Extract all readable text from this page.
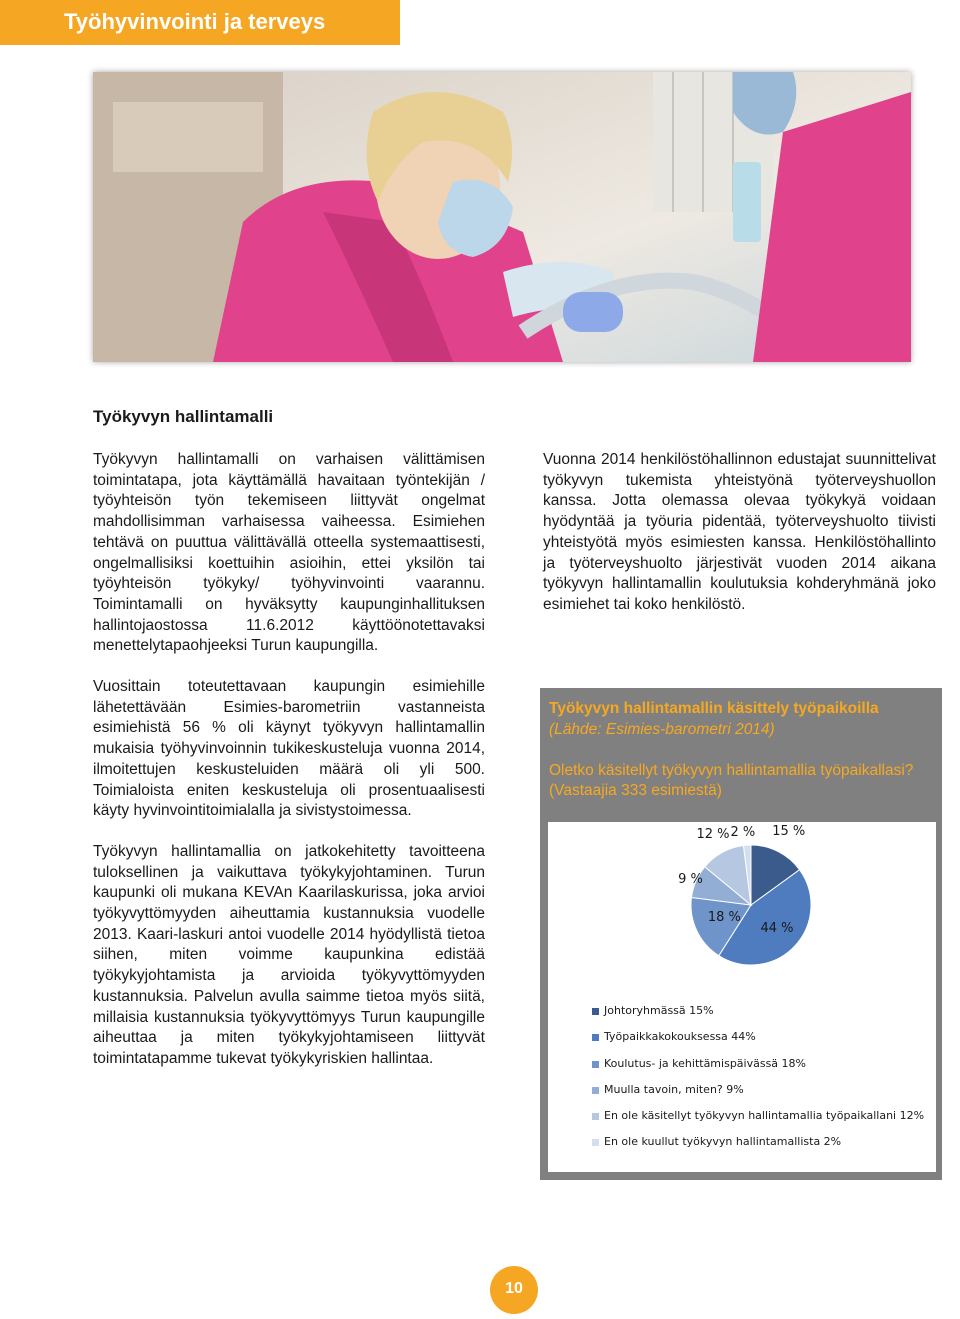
Työhyvinvointi ja terveys
Työkyvyn hallintamalli

Työkyvyn hallintamalli on varhaisen välittämisen toimintatapa, jota käyttämällä havaitaan työntekijän / työyhteisön työn tekemiseen liittyvät ongelmat mahdollisimman varhaisessa vaiheessa. Esimiehen tehtävä on puuttua välittävällä otteella systemaattisesti, ongelmallisiksi koettuihin asioihin, ettei yksilön tai työyhteisön työkyky/ työhyvinvointi vaarannu. Toimintamalli on hyväksytty kaupunginhallituksen hallintojaostossa 11.6.2012 käyttöönotettavaksi menettelytapaohjeeksi Turun kaupungilla.

Vuosittain toteutettavaan kaupungin esimiehille lähetettävään Esimies-barometriin vastanneista esimiehistä 56 % oli käynyt työkyvyn hallintamallin mukaisia työhyvinvoinnin tukikeskusteluja vuonna 2014, ilmoitettujen keskusteluiden määrä oli yli 500. Toimialoista eniten keskusteluja oli prosentuaalisesti käyty hyvinvointitoimialalla ja sivistystoimessa.

Työkyvyn hallintamallia on jatkokehitetty tavoitteena tuloksellinen ja vaikuttava työkykyjohtaminen. Turun kaupunki oli mukana KEVAn Kaarilaskurissa, joka arvioi työkyvyttömyyden aiheuttamia kustannuksia vuodelle 2013. Kaari-laskuri antoi vuodelle 2014 hyödyllistä tietoa siihen, miten voimme kaupunkina edistää työkykyjohtamista ja arvioida työkyvyttömyyden kustannuksia. Palvelun avulla saimme tietoa myös siitä, millaisia kustannuksia työkyvyttömyys Turun kaupungille aiheuttaa ja miten työkykyjohtamiseen liittyvät toimintatapamme tukevat työkykyriskien hallintaa.

Vuonna 2014 henkilöstöhallinnon edustajat suunnittelivat työkyvyn tukemista yhteistyönä työterveyshuollon kanssa. Jotta olemassa olevaa työkykyä voidaan hyödyntää ja työuria pidentää, työterveyshuolto tiivisti yhteistyötä myös esimiesten kanssa. Henkilöstöhallinto ja työterveyshuolto järjestivät vuoden 2014 aikana työkyvyn hallintamallin koulutuksia kohderyhmänä joko esimiehet tai koko henkilöstö.

Työkyvyn hallintamallin käsittely työpaikoilla
(Lähde: Esimies-barometri 2014)
Oletko käsitellyt työkyvyn hallintamallia työpaikallasi? (Vastaajia 333 esimiestä)
15 %
44 %
18 %
9 %
12 % 2 %
Johtoryhmässä 15%
Työpaikkakokouksessa 44%
Koulutus- ja kehittämispäivässä 18%
Muulla tavoin, miten? 9%
En ole käsitellyt työkyvyn hallintamallia työpaikallani 12%
En ole kuullut työkyvyn hallintamallista 2%
10
